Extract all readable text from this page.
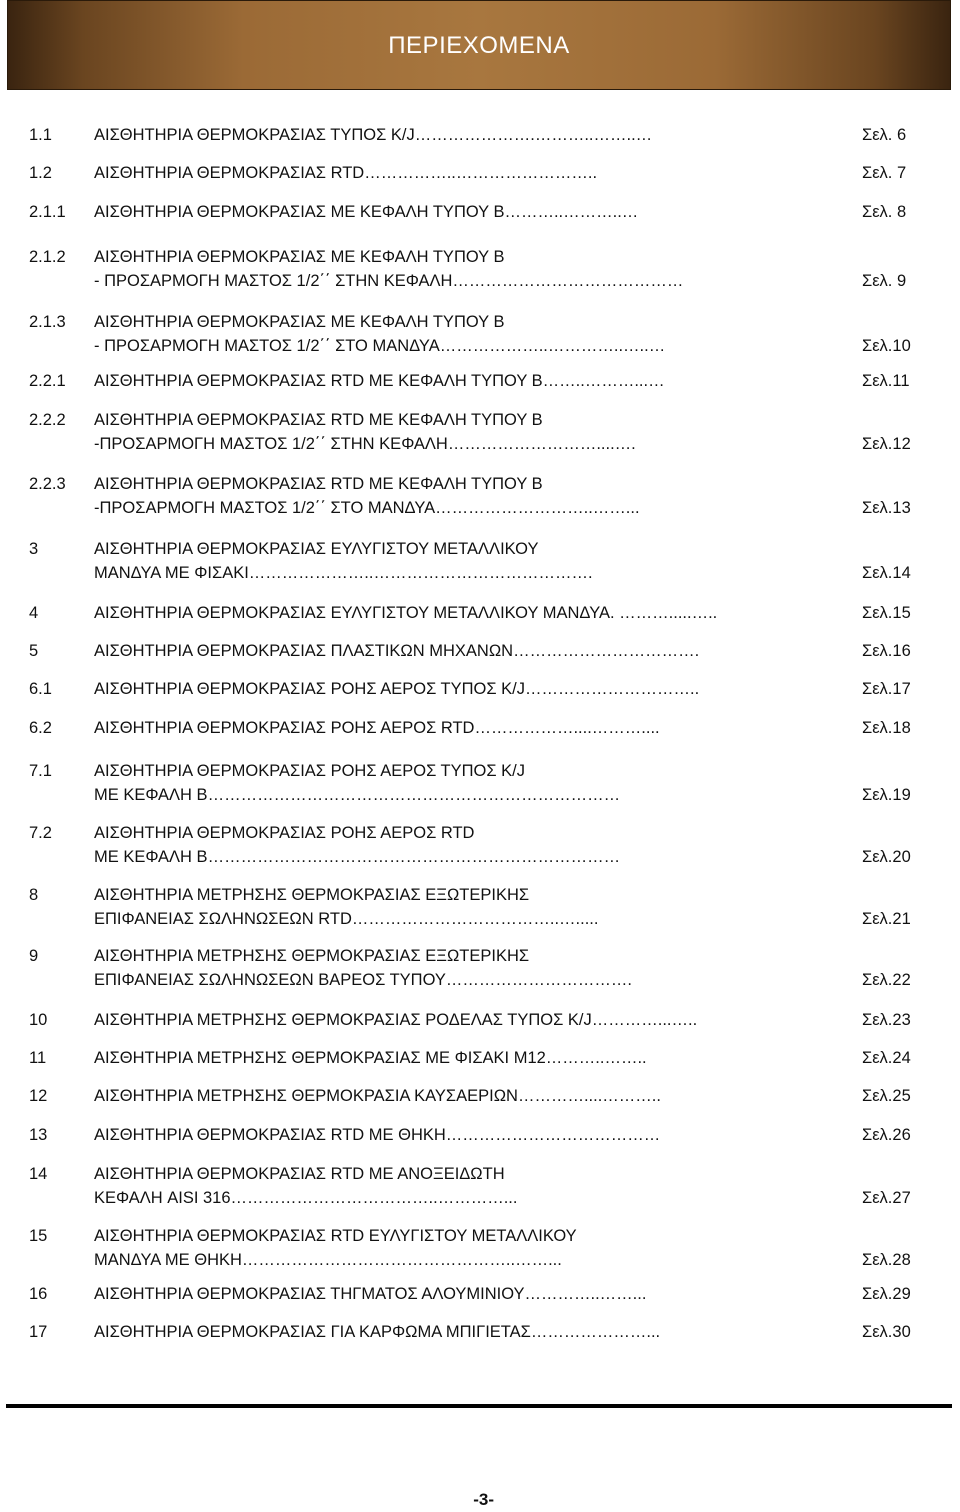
ΠΕΡΙΕΧΟΜΕΝΑ
1.1	ΑΙΣΘΗΤΗΡΙΑ ΘΕΡΜΟΚΡΑΣΙΑΣ ΤΥΠΟΣ Κ/J………………….………..……..…	Σελ. 6
1.2	ΑΙΣΘΗΤΗΡΙΑ ΘΕΡΜΟΚΡΑΣΙΑΣ RTD……………..……………………..	Σελ. 7
2.1.1 ΑΙΣΘΗΤΗΡΙΑ ΘΕΡΜΟΚΡΑΣΙΑΣ ΜΕ ΚΕΦΑΛΗ ΤΥΠΟΥ Β………..………..…	Σελ. 8
2.1.2 ΑΙΣΘΗΤΗΡΙΑ ΘΕΡΜΟΚΡΑΣΙΑΣ ΜΕ ΚΕΦΑΛΗ ΤΥΠΟΥ Β
- ΠΡΟΣΑΡΜΟΓΗ ΜΑΣΤΟΣ 1/2΄΄ ΣΤΗΝ ΚΕΦΑΛΗ……………………………………	Σελ. 9
2.1.3 ΑΙΣΘΗΤΗΡΙΑ ΘΕΡΜΟΚΡΑΣΙΑΣ ΜΕ ΚΕΦΑΛΗ ΤΥΠΟΥ Β
- ΠΡΟΣΑΡΜΟΓΗ ΜΑΣΤΟΣ 1/2΄΄ ΣΤΟ ΜΑΝΔΥΑ………………..…………..…..…	Σελ.10
2.2.1 ΑΙΣΘΗΤΗΡΙΑ ΘΕΡΜΟΚΡΑΣΙΑΣ RTD ΜΕ ΚΕΦΑΛΗ ΤΥΠΟΥ Β……..………...…	Σελ.11
2.2.2 ΑΙΣΘΗΤΗΡΙΑ ΘΕΡΜΟΚΡΑΣΙΑΣ RTD ΜΕ ΚΕΦΑΛΗ ΤΥΠΟΥ Β
-ΠΡΟΣΑΡΜΟΓΗ ΜΑΣΤΟΣ 1/2΄΄ ΣΤΗΝ ΚΕΦΑΛΗ………………………....….	Σελ.12
2.2.3 ΑΙΣΘΗΤΗΡΙΑ ΘΕΡΜΟΚΡΑΣΙΑΣ RTD ΜΕ ΚΕΦΑΛΗ ΤΥΠΟΥ Β
-ΠΡΟΣΑΡΜΟΓΗ ΜΑΣΤΟΣ 1/2΄΄ ΣΤΟ ΜΑΝΔΥΑ………………………..……...	Σελ.13
3	ΑΙΣΘΗΤΗΡΙΑ ΘΕΡΜΟΚΡΑΣΙΑΣ ΕΥΛΥΓΙΣΤΟΥ ΜΕΤΑΛΛΙΚΟΥ
ΜΑΝΔΥΑ ΜΕ ΦΙΣΑΚΙ…………………..………………………………….	Σελ.14
4	ΑΙΣΘΗΤΗΡΙΑ ΘΕΡΜΟΚΡΑΣΙΑΣ ΕΥΛΥΓΙΣΤΟΥ ΜΕΤΑΛΛΙΚΟΥ ΜΑΝΔΥΑ. ……….....…..	Σελ.15
5	ΑΙΣΘΗΤΗΡΙΑ ΘΕΡΜΟΚΡΑΣΙΑΣ ΠΛΑΣΤΙΚΩΝ ΜΗΧΑΝΩΝ…………………………….	Σελ.16
6.1	ΑΙΣΘΗΤΗΡΙΑ ΘΕΡΜΟΚΡΑΣΙΑΣ ΡΟΗΣ ΑΕΡΟΣ ΤΥΠΟΣ Κ/J…………………………..	Σελ.17
6.2	ΑΙΣΘΗΤΗΡΙΑ ΘΕΡΜΟΚΡΑΣΙΑΣ ΡΟΗΣ ΑΕΡΟΣ RTD………………....………....	Σελ.18
7.1	ΑΙΣΘΗΤΗΡΙΑ ΘΕΡΜΟΚΡΑΣΙΑΣ ΡΟΗΣ ΑΕΡΟΣ ΤΥΠΟΣ Κ/J
ΜΕ ΚΕΦΑΛΗ Β…………………………………………………………………	Σελ.19
7.2	ΑΙΣΘΗΤΗΡΙΑ ΘΕΡΜΟΚΡΑΣΙΑΣ ΡΟΗΣ ΑΕΡΟΣ RTD
ΜΕ ΚΕΦΑΛΗ Β…………………………………………………………………	Σελ.20
8	ΑΙΣΘΗΤΗΡΙΑ ΜΕΤΡΗΣΗΣ ΘΕΡΜΟΚΡΑΣΙΑΣ ΕΞΩΤΕΡΙΚΗΣ
ΕΠΙΦΑΝΕΙΑΣ ΣΩΛΗΝΩΣΕΩΝ RTD………………………………..….....	Σελ.21
9	ΑΙΣΘΗΤΗΡΙΑ ΜΕΤΡΗΣΗΣ ΘΕΡΜΟΚΡΑΣΙΑΣ ΕΞΩΤΕΡΙΚΗΣ
ΕΠΙΦΑΝΕΙΑΣ ΣΩΛΗΝΩΣΕΩΝ ΒΑΡΕΟΣ ΤΥΠΟΥ…………………………….	Σελ.22
10	ΑΙΣΘΗΤΗΡΙΑ ΜΕΤΡΗΣΗΣ ΘΕΡΜΟΚΡΑΣΙΑΣ ΡΟΔΕΛΑΣ ΤΥΠΟΣ Κ/J…………...…..	Σελ.23
11	ΑΙΣΘΗΤΗΡΙΑ ΜΕΤΡΗΣΗΣ ΘΕΡΜΟΚΡΑΣΙΑΣ ΜΕ ΦΙΣΑΚΙ Μ12………..……..	Σελ.24
12	ΑΙΣΘΗΤΗΡΙΑ ΜΕΤΡΗΣΗΣ ΘΕΡΜΟΚΡΑΣΙΑ ΚΑΥΣΑΕΡΙΩΝ…………....………..	Σελ.25
13	ΑΙΣΘΗΤΗΡΙΑ ΘΕΡΜΟΚΡΑΣΙΑΣ RTD ΜΕ ΘΗΚΗ…………………………………	Σελ.26
14	ΑΙΣΘΗΤΗΡΙΑ ΘΕΡΜΟΚΡΑΣΙΑΣ RTD ΜΕ ΑΝΟΞΕΙΔΩΤΗ
ΚΕΦΑΛΗ AISI 316………………………………..…………...	Σελ.27
15	ΑΙΣΘΗΤΗΡΙΑ ΘΕΡΜΟΚΡΑΣΙΑΣ RTD ΕΥΛΥΓΙΣΤΟΥ ΜΕΤΑΛΛΙΚΟΥ
ΜΑΝΔΥΑ ΜΕ ΘΗΚΗ…………………………………………..……...	Σελ.28
16	ΑΙΣΘΗΤΗΡΙΑ ΘΕΡΜΟΚΡΑΣΙΑΣ ΤΗΓΜΑΤΟΣ ΑΛΟΥΜΙΝΙΟΥ…………..……...	Σελ.29
17	ΑΙΣΘΗΤΗΡΙΑ ΘΕΡΜΟΚΡΑΣΙΑΣ ΓΙΑ ΚΑΡΦΩΜΑ ΜΠΙΓΙΕΤΑΣ…………………...	Σελ.30
-3-
